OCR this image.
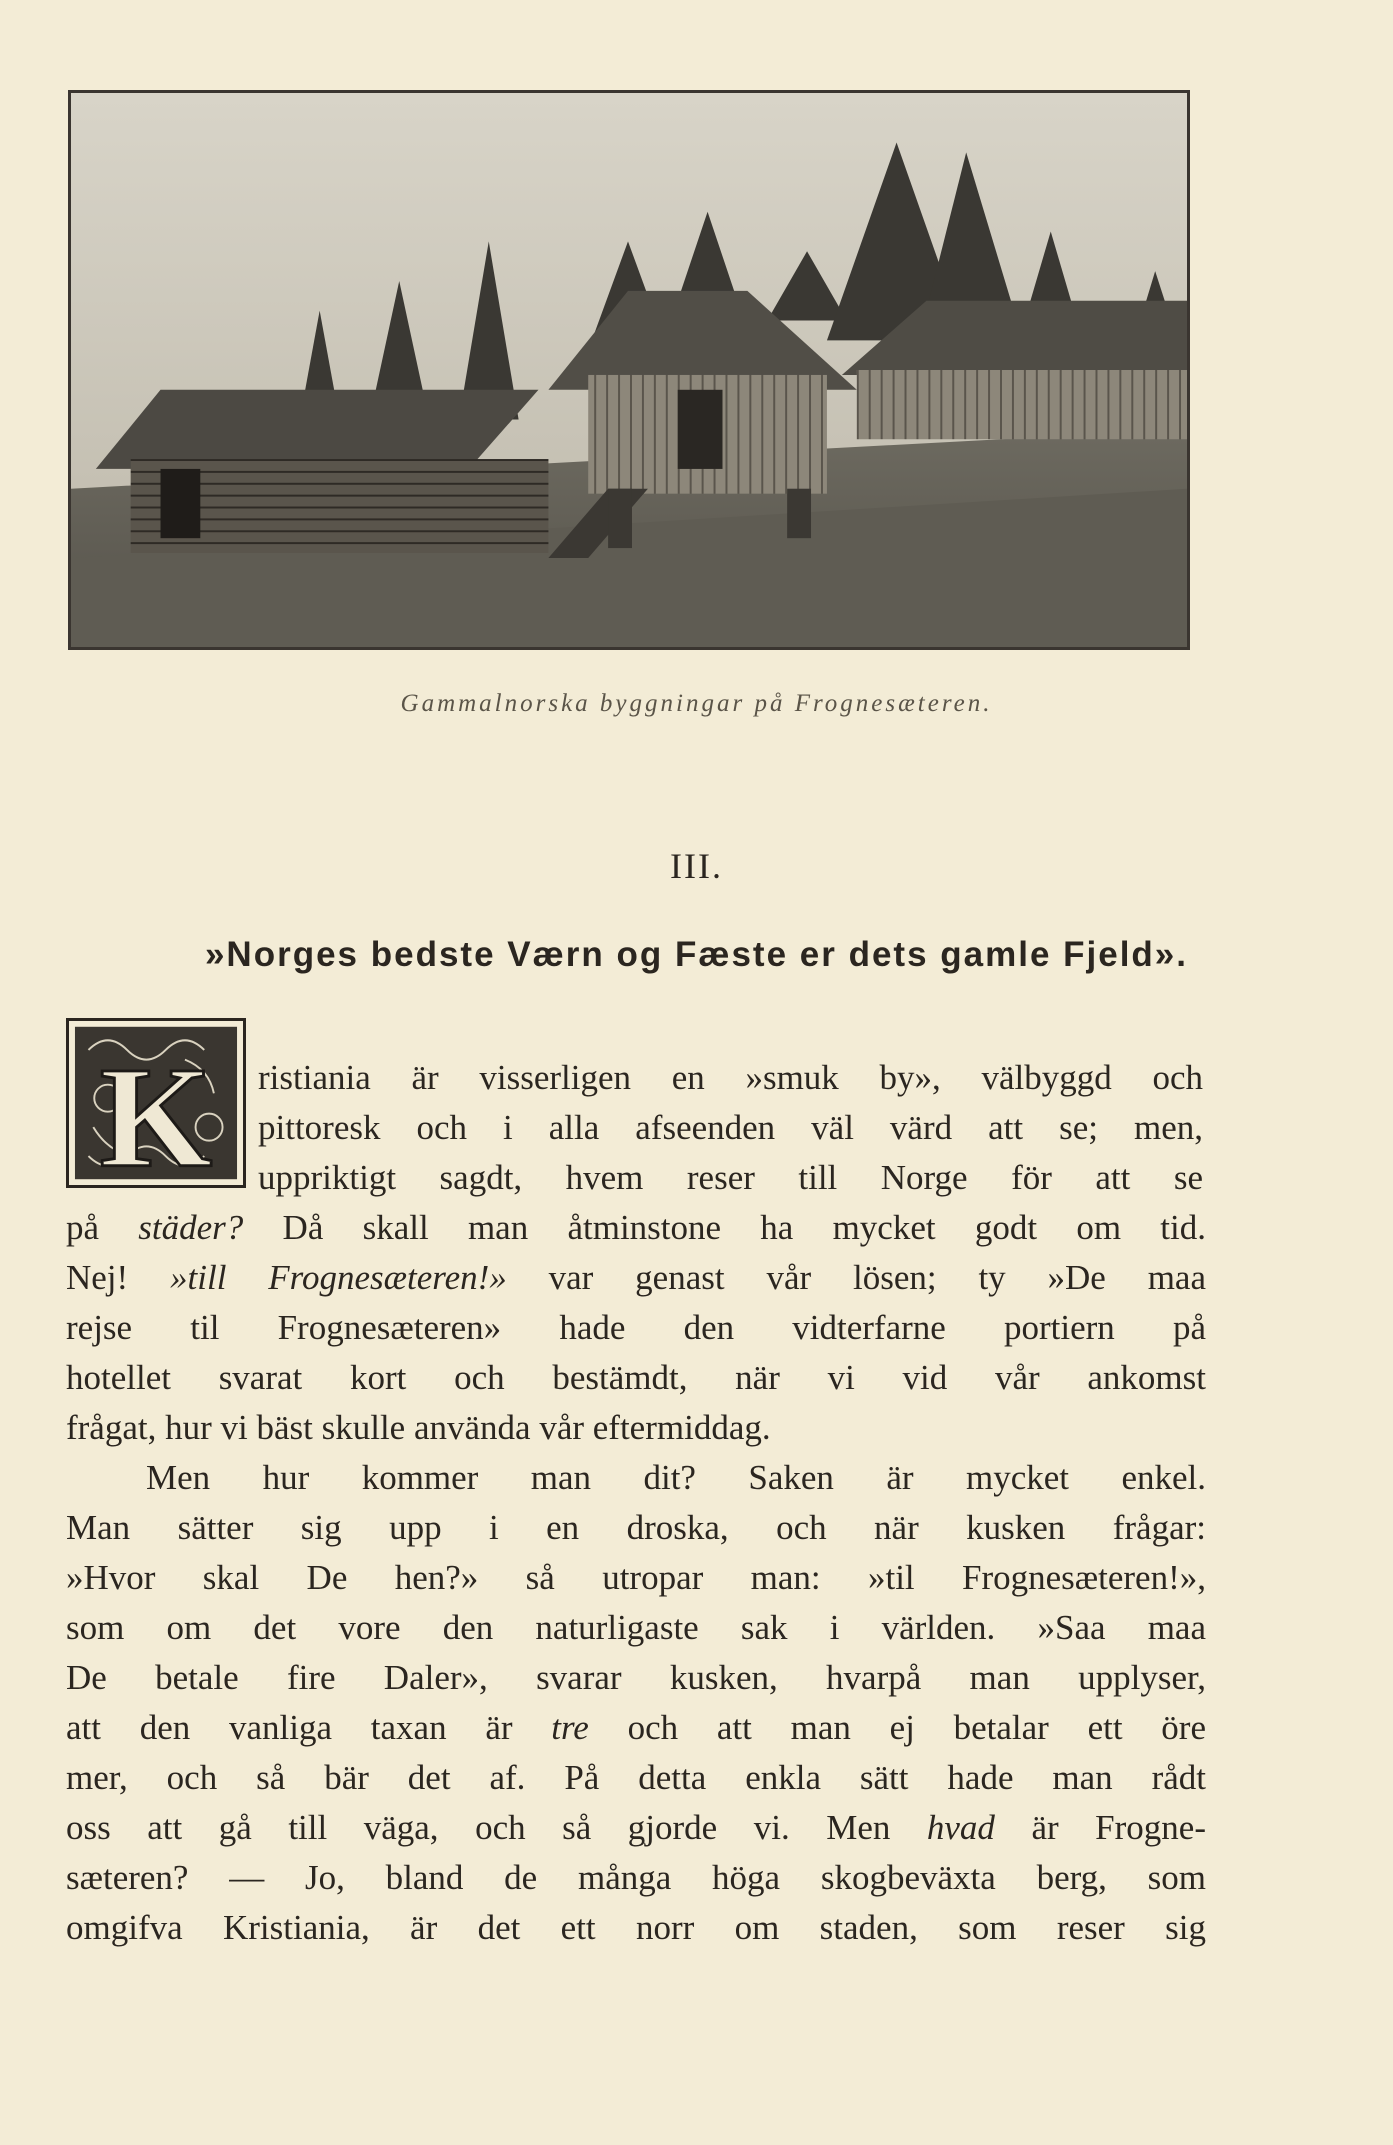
Gammalnorska byggningar på Frognesæteren.
III.
»Norges bedste Værn og Fæste er dets gamle Fjeld».
K ristiania är visserligen en »smuk by», välbyggd och
pittoresk och i alla afseenden väl värd att se; men,
uppriktigt sagdt, hvem reser till Norge för att se
på städer? Då skall man åtminstone ha mycket godt om tid.
Nej! »till Frognesæteren!» var genast vår lösen; ty »De maa
rejse til Frognesæteren» hade den vidterfarne portiern på
hotellet svarat kort och bestämdt, när vi vid vår ankomst
frågat, hur vi bäst skulle använda vår eftermiddag.
Men hur kommer man dit? Saken är mycket enkel.
Man sätter sig upp i en droska, och när kusken frågar:
»Hvor skal De hen?» så utropar man: »til Frognesæteren!»,
som om det vore den naturligaste sak i världen. »Saa maa
De betale fire Daler», svarar kusken, hvarpå man upplyser,
att den vanliga taxan är tre och att man ej betalar ett öre
mer, och så bär det af. På detta enkla sätt hade man rådt
oss att gå till väga, och så gjorde vi. Men hvad är Frogne-
sæteren? — Jo, bland de många höga skogbeväxta berg, som
omgifva Kristiania, är det ett norr om staden, som reser sig
